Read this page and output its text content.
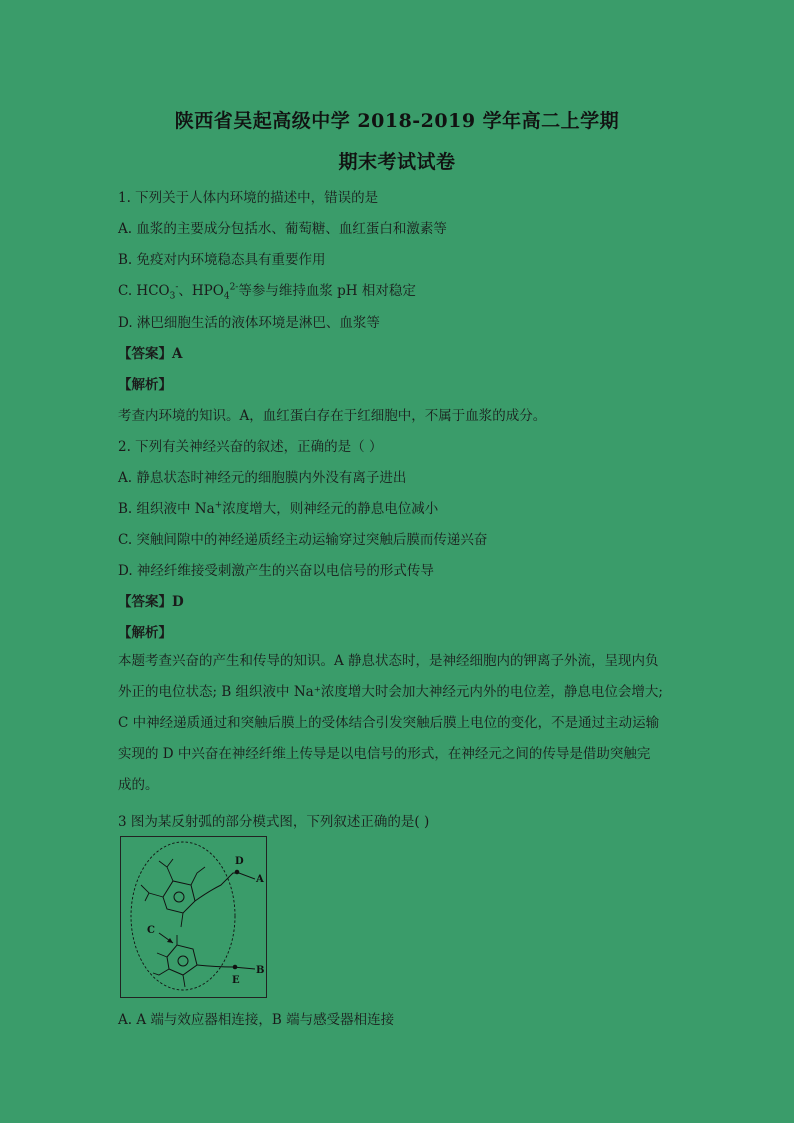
陕西省吴起高级中学 2018-2019 学年高二上学期
期末考试试卷
1. 下列关于人体内环境的描述中，错误的是
A. 血浆的主要成分包括水、葡萄糖、血红蛋白和激素等
B. 免疫对内环境稳态具有重要作用
C. $HCO_3^-$、$HPO_4^{2-}$等参与维持血浆 pH 相对稳定
D. 淋巴细胞生活的液体环境是淋巴、血浆等
【答案】A
【解析】
考查内环境的知识。A，血红蛋白存在于红细胞中，不属于血浆的成分。
2. 下列有关神经兴奋的叙述，正确的是（ ）
A. 静息状态时神经元的细胞膜内外没有离子进出
B. 组织液中 Na+浓度增大，则神经元的静息电位减小
C. 突触间隙中的神经递质经主动运输穿过突触后膜而传递兴奋
D. 神经纤维接受刺激产生的兴奋以电信号的形式传导
【答案】D
【解析】
本题考查兴奋的产生和传导的知识。A 静息状态时，是神经细胞内的钾离子外流，呈现内负
外正的电位状态; B 组织液中 Na⁺浓度增大时会加大神经元内外的电位差，静息电位会增大;
C 中神经递质通过和突触后膜上的受体结合引发突触后膜上电位的变化，不是通过主动运输
实现的 D 中兴奋在神经纤维上传导是以电信号的形式，在神经元之间的传导是借助突触完
成的。
3 图为某反射弧的部分模式图，下列叙述正确的是( )
D
A
C
E
B
A. A 端与效应器相连接，B 端与感受器相连接
